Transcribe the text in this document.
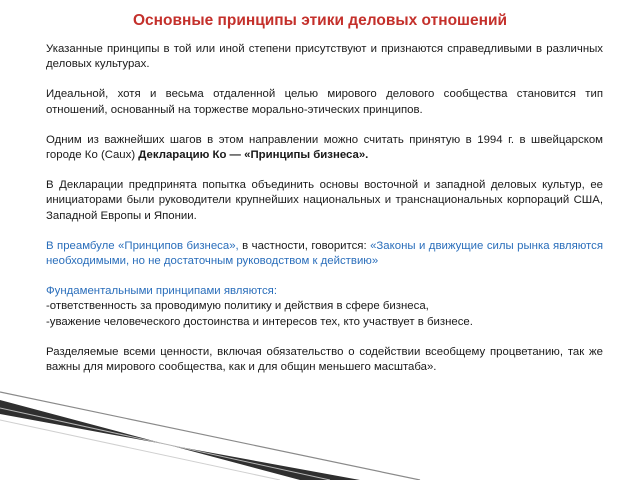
Основные принципы этики деловых отношений

Указанные принципы в той или иной степени присутствуют и признаются справедливыми в различных деловых культурах.

Идеальной, хотя и весьма отдаленной целью мирового делового сообщества становится тип отношений, основанный на торжестве морально-этических принципов.

Одним из важнейших шагов в этом направлении можно считать принятую в 1994 г. в швейцарском городе Ко (Caux) Декларацию Ко — «Принципы бизнеса».

В Декларации предпринята попытка объединить основы восточной и западной деловых культур, ее инициаторами были руководители крупнейших национальных и транснациональных корпораций США, Западной Европы и Японии.

В преамбуле «Принципов бизнеса», в частности, говорится: «Законы и движущие силы рынка являются необходимыми, но не достаточным руководством к действию»

Фундаментальными принципами являются:
-ответственность за проводимую политику и действия в сфере бизнеса,
-уважение человеческого достоинства и интересов тех, кто участвует в бизнесе.

Разделяемые всеми ценности, включая обязательство о содействии всеобщему процветанию, так же важны для мирового сообщества, как и для общин меньшего масштаба».
